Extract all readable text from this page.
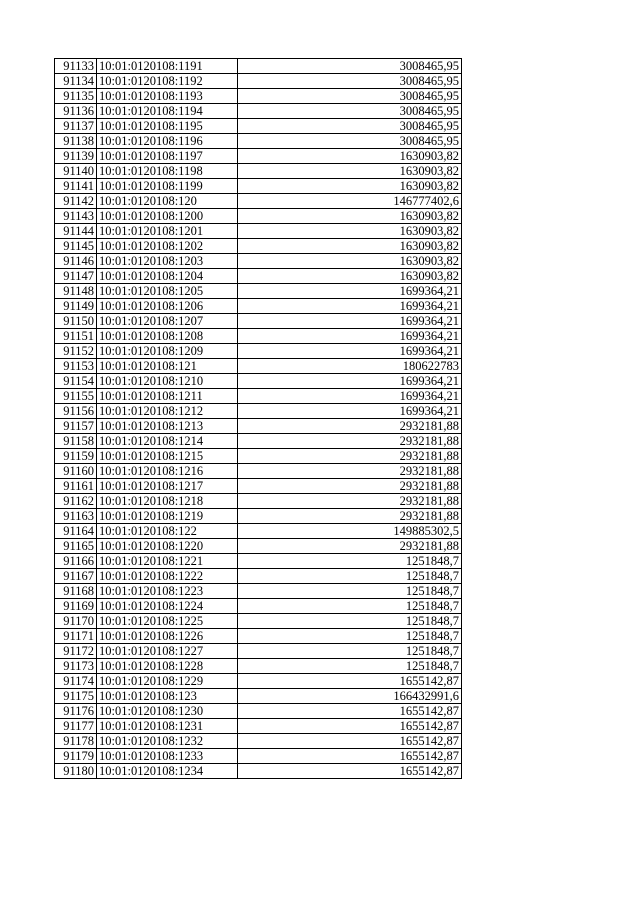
91133	10:01:0120108:1191	3008465,95
91134	10:01:0120108:1192	3008465,95
91135	10:01:0120108:1193	3008465,95
91136	10:01:0120108:1194	3008465,95
91137	10:01:0120108:1195	3008465,95
91138	10:01:0120108:1196	3008465,95
91139	10:01:0120108:1197	1630903,82
91140	10:01:0120108:1198	1630903,82
91141	10:01:0120108:1199	1630903,82
91142	10:01:0120108:120	146777402,6
91143	10:01:0120108:1200	1630903,82
91144	10:01:0120108:1201	1630903,82
91145	10:01:0120108:1202	1630903,82
91146	10:01:0120108:1203	1630903,82
91147	10:01:0120108:1204	1630903,82
91148	10:01:0120108:1205	1699364,21
91149	10:01:0120108:1206	1699364,21
91150	10:01:0120108:1207	1699364,21
91151	10:01:0120108:1208	1699364,21
91152	10:01:0120108:1209	1699364,21
91153	10:01:0120108:121	180622783
91154	10:01:0120108:1210	1699364,21
91155	10:01:0120108:1211	1699364,21
91156	10:01:0120108:1212	1699364,21
91157	10:01:0120108:1213	2932181,88
91158	10:01:0120108:1214	2932181,88
91159	10:01:0120108:1215	2932181,88
91160	10:01:0120108:1216	2932181,88
91161	10:01:0120108:1217	2932181,88
91162	10:01:0120108:1218	2932181,88
91163	10:01:0120108:1219	2932181,88
91164	10:01:0120108:122	149885302,5
91165	10:01:0120108:1220	2932181,88
91166	10:01:0120108:1221	1251848,7
91167	10:01:0120108:1222	1251848,7
91168	10:01:0120108:1223	1251848,7
91169	10:01:0120108:1224	1251848,7
91170	10:01:0120108:1225	1251848,7
91171	10:01:0120108:1226	1251848,7
91172	10:01:0120108:1227	1251848,7
91173	10:01:0120108:1228	1251848,7
91174	10:01:0120108:1229	1655142,87
91175	10:01:0120108:123	166432991,6
91176	10:01:0120108:1230	1655142,87
91177	10:01:0120108:1231	1655142,87
91178	10:01:0120108:1232	1655142,87
91179	10:01:0120108:1233	1655142,87
91180	10:01:0120108:1234	1655142,87
